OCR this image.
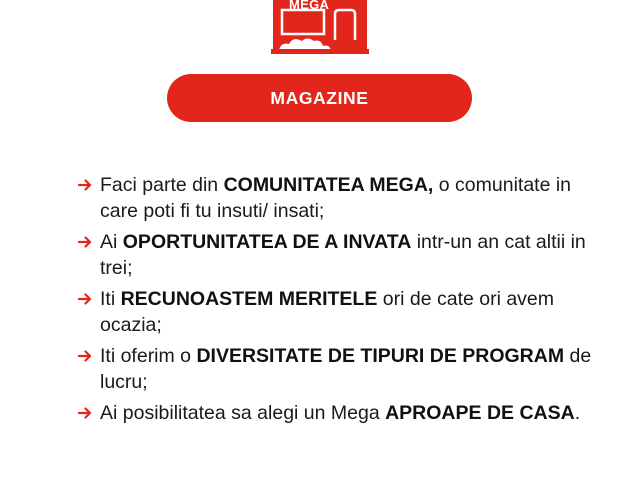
MEGA
MAGAZINE
Faci parte din COMUNITATEA MEGA, o comunitate in care poti fi tu insuti/ insati;
Ai OPORTUNITATEA DE A INVATA intr-un an cat altii in trei;
Iti RECUNOASTEM MERITELE ori de cate ori avem ocazia;
Iti oferim o DIVERSITATE DE TIPURI DE PROGRAM de lucru;
Ai posibilitatea sa alegi un Mega APROAPE DE CASA.
